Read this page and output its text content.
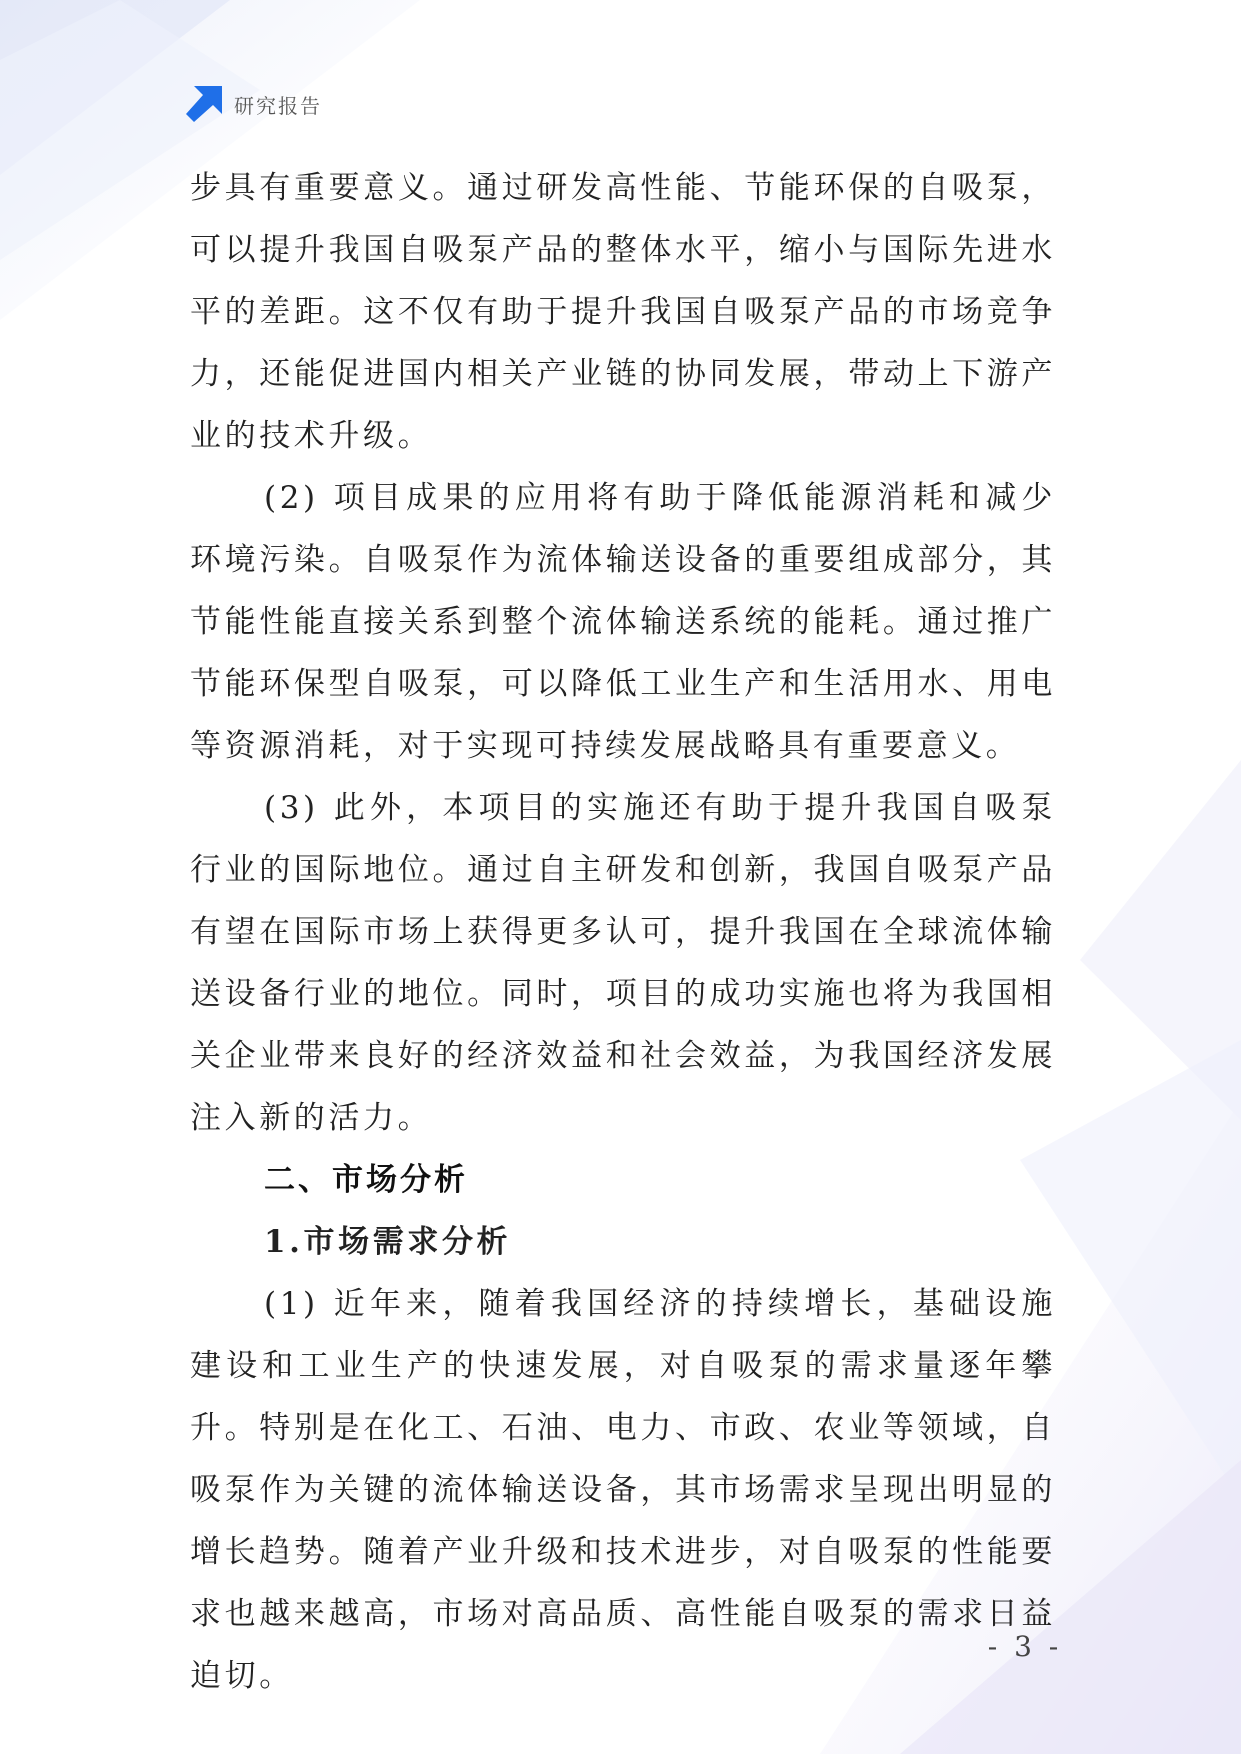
研究报告

步具有重要意义。通过研发高性能、节能环保的自吸泵，可以提升我国自吸泵产品的整体水平，缩小与国际先进水平的差距。这不仅有助于提升我国自吸泵产品的市场竞争力，还能促进国内相关产业链的协同发展，带动上下游产业的技术升级。

(2) 项目成果的应用将有助于降低能源消耗和减少环境污染。自吸泵作为流体输送设备的重要组成部分，其节能性能直接关系到整个流体输送系统的能耗。通过推广节能环保型自吸泵，可以降低工业生产和生活用水、用电等资源消耗，对于实现可持续发展战略具有重要意义。

(3) 此外，本项目的实施还有助于提升我国自吸泵行业的国际地位。通过自主研发和创新，我国自吸泵产品有望在国际市场上获得更多认可，提升我国在全球流体输送设备行业的地位。同时，项目的成功实施也将为我国相关企业带来良好的经济效益和社会效益，为我国经济发展注入新的活力。

二、市场分析
1.市场需求分析

(1) 近年来，随着我国经济的持续增长，基础设施建设和工业生产的快速发展，对自吸泵的需求量逐年攀升。特别是在化工、石油、电力、市政、农业等领域，自吸泵作为关键的流体输送设备，其市场需求呈现出明显的增长趋势。随着产业升级和技术进步，对自吸泵的性能要求也越来越高，市场对高品质、高性能自吸泵的需求日益迫切。

- 3 -
